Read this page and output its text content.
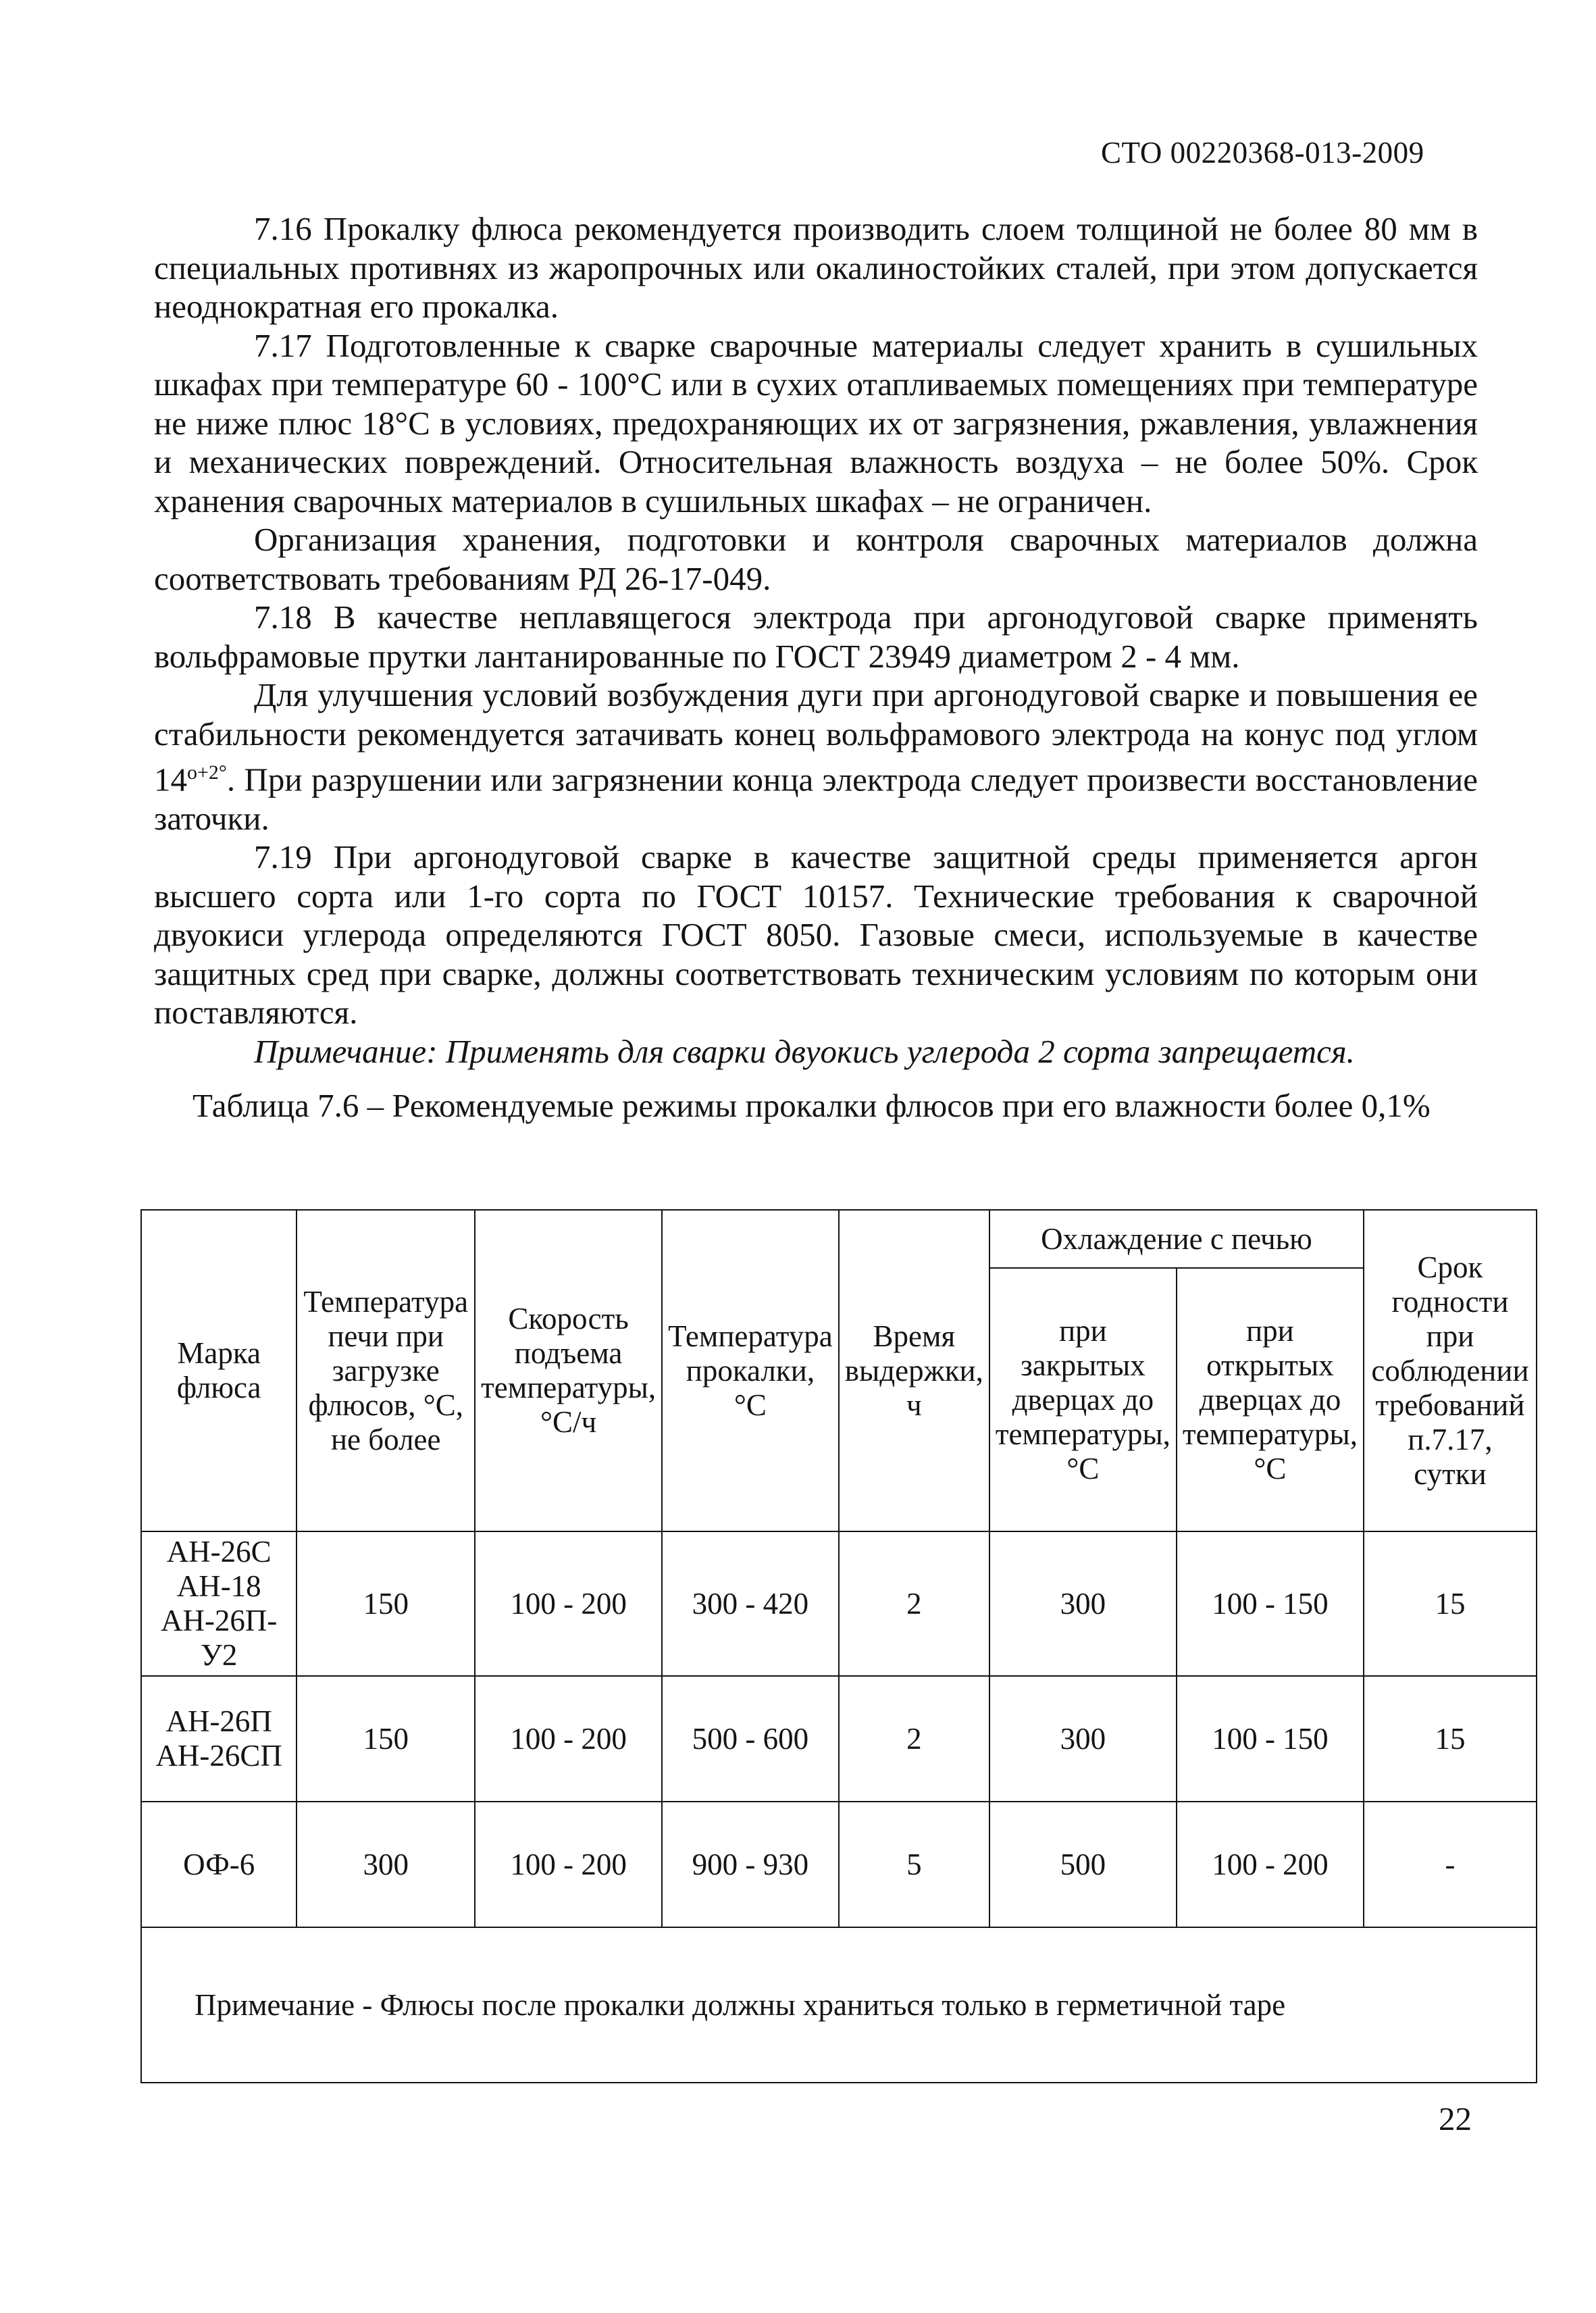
СТО 00220368-013-2009

7.16 Прокалку флюса рекомендуется производить слоем толщиной не более 80 мм в специальных противнях из жаропрочных или окалиностойких сталей, при этом допускается неоднократная его прокалка.

7.17 Подготовленные к сварке сварочные материалы следует хранить в сушильных шкафах при температуре 60 - 100°С или в сухих отапливаемых помещениях при температуре не ниже плюс 18°С в условиях, предохраняющих их от загрязнения, ржавления, увлажнения и механических повреждений. Относительная влажность воздуха – не более 50%. Срок хранения сварочных материалов в сушильных шкафах – не ограничен.

Организация хранения, подготовки и контроля сварочных материалов должна соответствовать требованиям РД 26-17-049.

7.18 В качестве неплавящегося электрода при аргонодуговой сварке применять вольфрамовые прутки лантанированные по ГОСТ 23949 диаметром 2 - 4 мм.

Для улучшения условий возбуждения дуги при аргонодуговой сварке и повышения ее стабильности рекомендуется затачивать конец вольфрамового электрода на конус под углом $14^{о+2^\circ}$. При разрушении или загрязнении конца электрода следует произвести восстановление заточки.

7.19 При аргонодуговой сварке в качестве защитной среды применяется аргон высшего сорта или 1-го сорта по ГОСТ 10157. Технические требования к сварочной двуокиси углерода определяются ГОСТ 8050. Газовые смеси, используемые в качестве защитных сред при сварке, должны соответствовать техническим условиям по которым они поставляются.

Примечание: Применять для сварки двуокись углерода 2 сорта запрещается.

Таблица 7.6 – Рекомендуемые режимы прокалки флюсов при его влажности более 0,1%
Марка флюса	Температура печи при загрузке флюсов, °С, не более	Скорость подъема температуры, °С/ч	Температура прокалки, °С	Время выдержки, ч	Охлаждение с печью		Срок годности при соблюдении требований п.7.17, сутки
					при закрытых дверцах до температуры, °С	при открытых дверцах до температуры, °С	
АН-26С
АН-18
АН-26П-У2	150	100 - 200	300 - 420	2	300	100 - 150	15
АН-26П
АН-26СП	150	100 - 200	500 - 600	2	300	100 - 150	15
ОФ-6	300	100 - 200	900 - 930	5	500	100 - 200	-
Примечание - Флюсы после прокалки должны храниться только в герметичной таре							
22
